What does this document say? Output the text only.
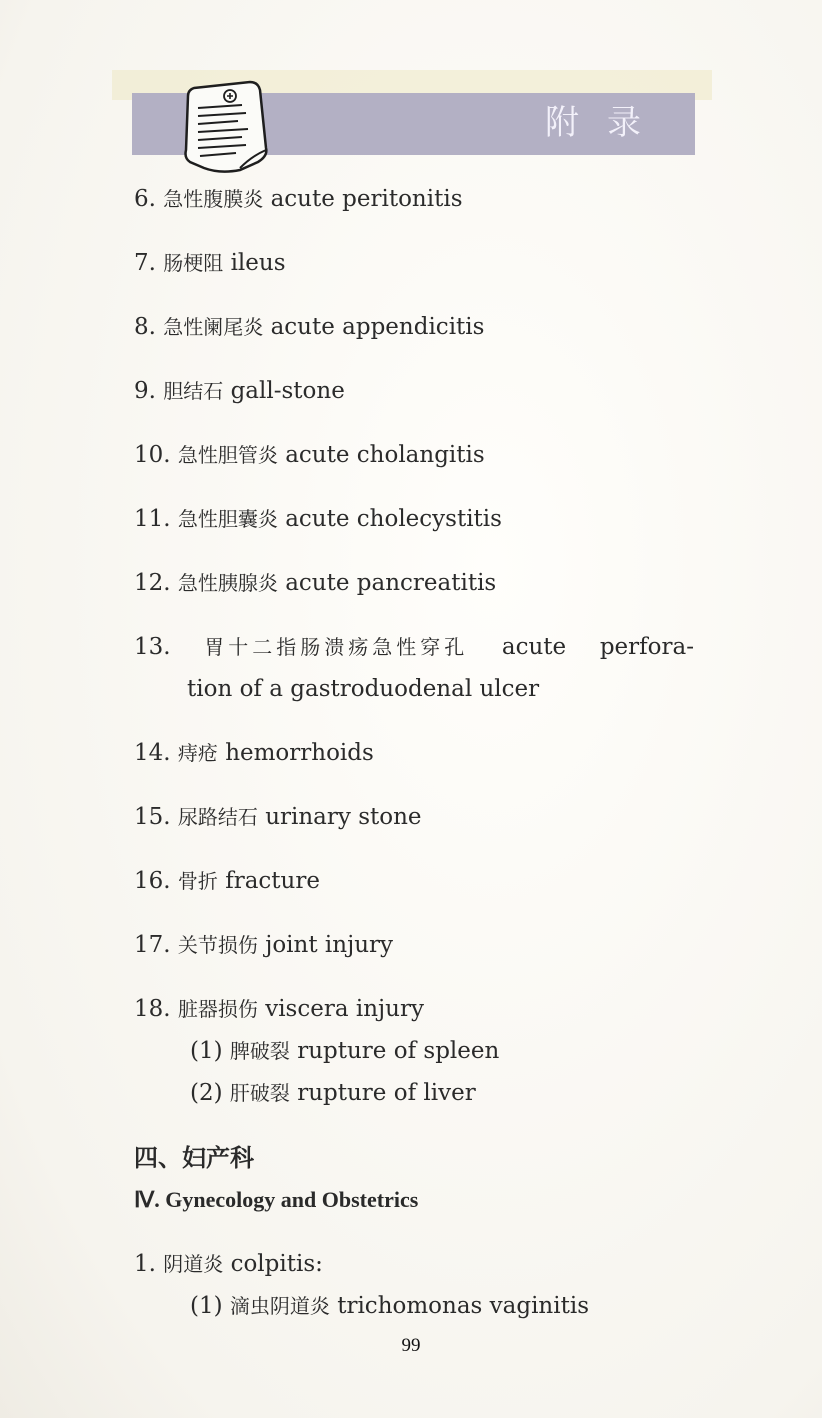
附录
6. 急性腹膜炎 acute peritonitis
7. 肠梗阻 ileus
8. 急性阑尾炎 acute appendicitis
9. 胆结石 gall-stone
10. 急性胆管炎 acute cholangitis
11. 急性胆囊炎 acute cholecystitis
12. 急性胰腺炎 acute pancreatitis
13. 胃十二指肠溃疡急性穿孔 acute perfora-
tion of a gastroduodenal ulcer
14. 痔疮 hemorrhoids
15. 尿路结石 urinary stone
16. 骨折 fracture
17. 关节损伤 joint injury
18. 脏器损伤 viscera injury
(1) 脾破裂 rupture of spleen
(2) 肝破裂 rupture of liver
四、妇产科
Ⅳ. Gynecology and Obstetrics
1. 阴道炎 colpitis:
(1) 滴虫阴道炎 trichomonas vaginitis
99
